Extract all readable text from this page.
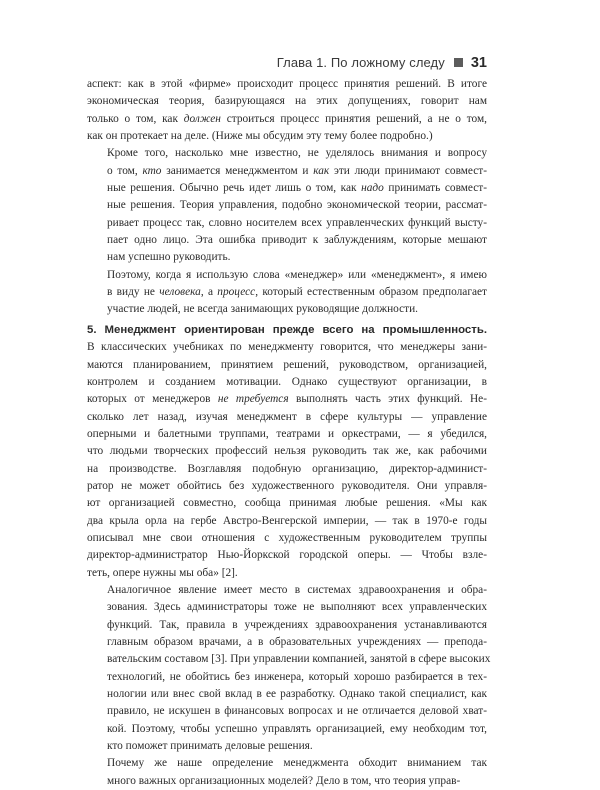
Глава 1. По ложному следу 31

аспект: как в этой «фирме» происходит процесс принятия решений. В итоге
экономическая теория, базирующаяся на этих допущениях, говорит нам
только о том, как должен строиться процесс принятия решений, а не о том,
как он протекает на деле. (Ниже мы обсудим эту тему более подробно.)

Кроме того, насколько мне известно, не уделялось внимания и вопросу
о том, кто занимается менеджментом и как эти люди принимают совмест-
ные решения. Обычно речь идет лишь о том, как надо принимать совмест-
ные решения. Теория управления, подобно экономической теории, рассмат-
ривает процесс так, словно носителем всех управленческих функций высту-
пает одно лицо. Эта ошибка приводит к заблуждениям, которые мешают
нам успешно руководить.

Поэтому, когда я использую слова «менеджер» или «менеджмент», я имею
в виду не человека, а процесс, который естественным образом предполагает
участие людей, не всегда занимающих руководящие должности.

5. Менеджмент ориентирован прежде всего на промышленность.
В классических учебниках по менеджменту говорится, что менеджеры зани-
маются планированием, принятием решений, руководством, организацией,
контролем и созданием мотивации. Однако существуют организации, в
которых от менеджеров не требуется выполнять часть этих функций. Не-
сколько лет назад, изучая менеджмент в сфере культуры — управление
оперными и балетными труппами, театрами и оркестрами, — я убедился,
что людьми творческих профессий нельзя руководить так же, как рабочими
на производстве. Возглавляя подобную организацию, директор-админист-
ратор не может обойтись без художественного руководителя. Они управля-
ют организацией совместно, сообща принимая любые решения. «Мы как
два крыла орла на гербе Австро-Венгерской империи, — так в 1970-е годы
описывал мне свои отношения с художественным руководителем труппы
директор-администратор Нью-Йоркской городской оперы. — Чтобы взле-
теть, опере нужны мы оба» [2].

Аналогичное явление имеет место в системах здравоохранения и обра-
зования. Здесь администраторы тоже не выполняют всех управленческих
функций. Так, правила в учреждениях здравоохранения устанавливаются
главным образом врачами, а в образовательных учреждениях — препода-
вательским составом [3]. При управлении компанией, занятой в сфере высоких
технологий, не обойтись без инженера, который хорошо разбирается в тех-
нологии или внес свой вклад в ее разработку. Однако такой специалист, как
правило, не искушен в финансовых вопросах и не отличается деловой хват-
кой. Поэтому, чтобы успешно управлять организацией, ему необходим тот,
кто поможет принимать деловые решения.

Почему же наше определение менеджмента обходит вниманием так
много важных организационных моделей? Дело в том, что теория управ-
